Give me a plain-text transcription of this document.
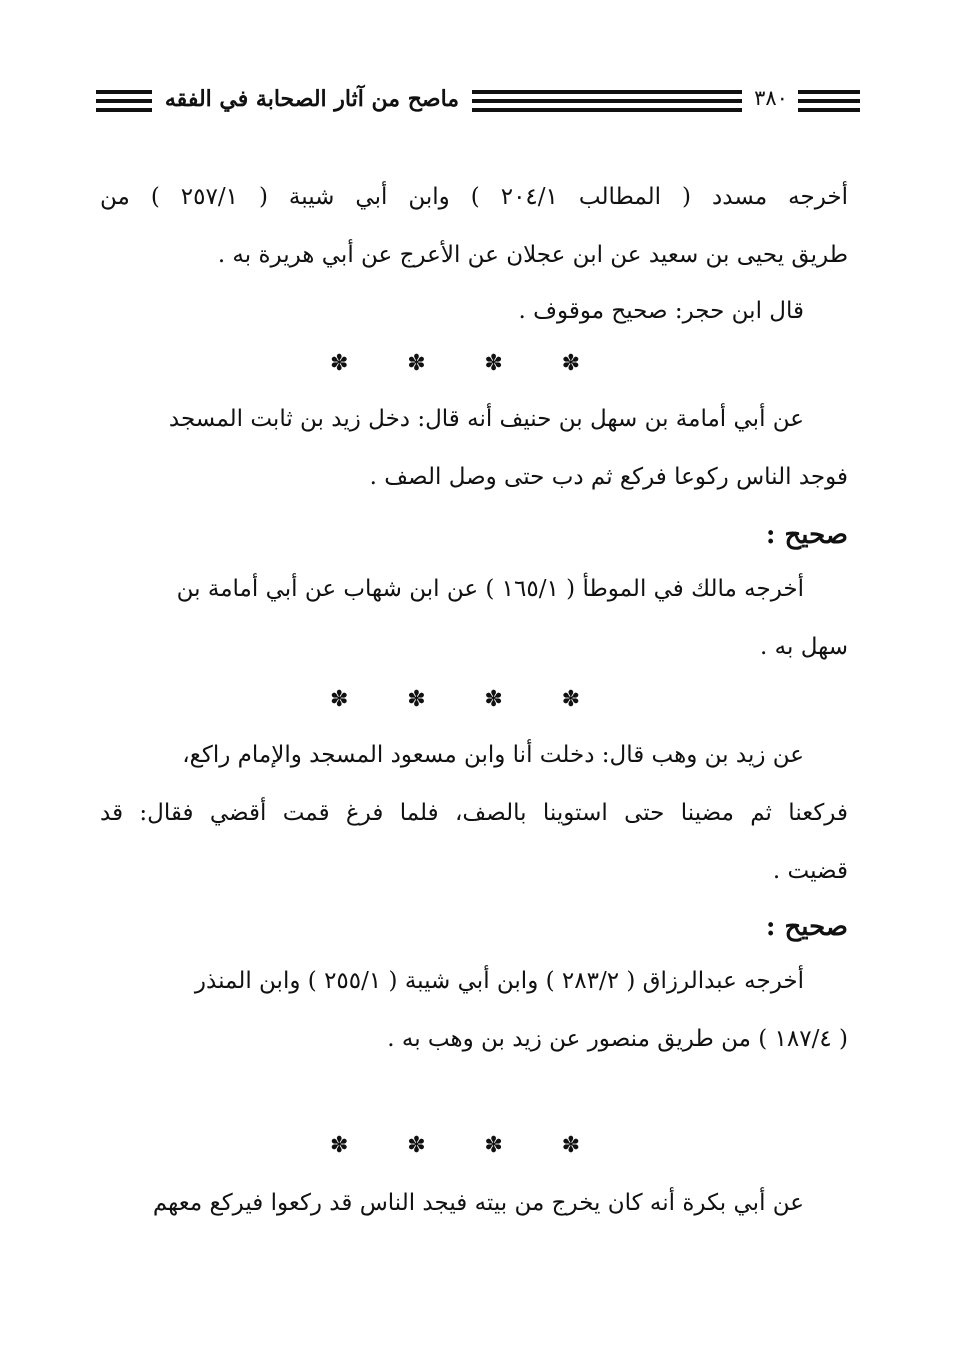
ماصح من آثار الصحابة في الفقه	٣٨٠
أخرجه مسدد ( المطالب ٢٠٤/١ ) وابن أبي شيبة ( ٢٥٧/١ ) من
طريق يحيى بن سعيد عن ابن عجلان عن الأعرج عن أبي هريرة به .
قال ابن حجر: صحيح موقوف .
✽	✽	✽	✽
عن أبي أمامة بن سهل بن حنيف أنه قال: دخل زيد بن ثابت المسجد
فوجد الناس ركوعا فركع ثم دب حتى وصل الصف .
صحيح :
أخرجه مالك في الموطأ ( ١٦٥/١ ) عن ابن شهاب عن أبي أمامة بن
سهل به .
✽	✽	✽	✽
عن زيد بن وهب قال: دخلت أنا وابن مسعود المسجد والإمام راكع،
فركعنا ثم مضينا حتى استوينا بالصف، فلما فرغ قمت أقضي فقال: قد
قضيت .
صحيح :
أخرجه عبدالرزاق ( ٢٨٣/٢ ) وابن أبي شيبة ( ٢٥٥/١ ) وابن المنذر
( ١٨٧/٤ ) من طريق منصور عن زيد بن وهب به .
✽	✽	✽	✽
عن أبي بكرة أنه كان يخرج من بيته فيجد الناس قد ركعوا فيركع معهم
